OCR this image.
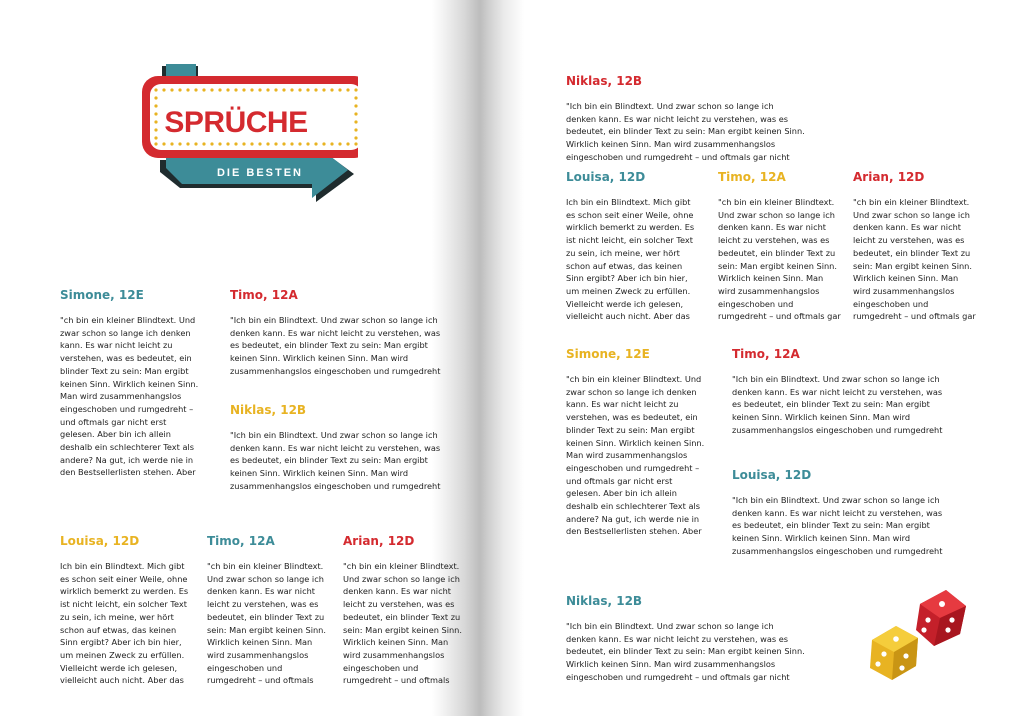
SPRÜCHE
DIE BESTEN
Simone, 12E
"ch bin ein kleiner Blindtext. Und zwar schon so lange ich denken kann. Es war nicht leicht zu verstehen, was es bedeutet, ein blinder Text zu sein: Man ergibt keinen Sinn. Wirklich keinen Sinn. Man wird zusammenhangslos eingeschoben und rumgedreht – und oftmals gar nicht erst gelesen. Aber bin ich allein deshalb ein schlechterer Text als andere? Na gut, ich werde nie in den Bestsellerlisten stehen. Aber
Timo, 12A
"Ich bin ein Blindtext. Und zwar schon so lange ich denken kann. Es war nicht leicht zu verstehen, was es bedeutet, ein blinder Text zu sein: Man ergibt keinen Sinn. Wirklich keinen Sinn. Man wird zusammenhangslos eingeschoben und rumgedreht
Niklas, 12B
"Ich bin ein Blindtext. Und zwar schon so lange ich denken kann. Es war nicht leicht zu verstehen, was es bedeutet, ein blinder Text zu sein: Man ergibt keinen Sinn. Wirklich keinen Sinn. Man wird zusammenhangslos eingeschoben und rumgedreht
Louisa, 12D
Ich bin ein Blindtext. Mich gibt es schon seit einer Weile, ohne wirklich bemerkt zu werden. Es ist nicht leicht, ein solcher Text zu sein, ich meine, wer hört schon auf etwas, das keinen Sinn ergibt? Aber ich bin hier, um meinen Zweck zu erfüllen. Vielleicht werde ich gelesen, vielleicht auch nicht. Aber das
Timo, 12A
"ch bin ein kleiner Blindtext. Und zwar schon so lange ich denken kann. Es war nicht leicht zu verstehen, was es bedeutet, ein blinder Text zu sein: Man ergibt keinen Sinn. Wirklich keinen Sinn. Man wird zusammenhangslos eingeschoben und rumgedreht – und oftmals
Arian, 12D
"ch bin ein kleiner Blindtext. Und zwar schon so lange ich denken kann. Es war nicht leicht zu verstehen, was es bedeutet, ein blinder Text zu sein: Man ergibt keinen Sinn. Wirklich keinen Sinn. Man wird zusammenhangslos eingeschoben und rumgedreht – und oftmals
Niklas, 12B
"Ich bin ein Blindtext. Und zwar schon so lange ich denken kann. Es war nicht leicht zu verstehen, was es bedeutet, ein blinder Text zu sein: Man ergibt keinen Sinn. Wirklich keinen Sinn. Man wird zusammenhangslos eingeschoben und rumgedreht – und oftmals gar nicht
Louisa, 12D
Ich bin ein Blindtext. Mich gibt es schon seit einer Weile, ohne wirklich bemerkt zu werden. Es ist nicht leicht, ein solcher Text zu sein, ich meine, wer hört schon auf etwas, das keinen Sinn ergibt? Aber ich bin hier, um meinen Zweck zu erfüllen. Vielleicht werde ich gelesen, vielleicht auch nicht. Aber das
Timo, 12A
"ch bin ein kleiner Blindtext. Und zwar schon so lange ich denken kann. Es war nicht leicht zu verstehen, was es bedeutet, ein blinder Text zu sein: Man ergibt keinen Sinn. Wirklich keinen Sinn. Man wird zusammenhangslos eingeschoben und rumgedreht – und oftmals gar
Arian, 12D
"ch bin ein kleiner Blindtext. Und zwar schon so lange ich denken kann. Es war nicht leicht zu verstehen, was es bedeutet, ein blinder Text zu sein: Man ergibt keinen Sinn. Wirklich keinen Sinn. Man wird zusammenhangslos eingeschoben und rumgedreht – und oftmals gar
Simone, 12E
"ch bin ein kleiner Blindtext. Und zwar schon so lange ich denken kann. Es war nicht leicht zu verstehen, was es bedeutet, ein blinder Text zu sein: Man ergibt keinen Sinn. Wirklich keinen Sinn. Man wird zusammenhangslos eingeschoben und rumgedreht – und oftmals gar nicht erst gelesen. Aber bin ich allein deshalb ein schlechterer Text als andere? Na gut, ich werde nie in den Bestsellerlisten stehen. Aber
Timo, 12A
"Ich bin ein Blindtext. Und zwar schon so lange ich denken kann. Es war nicht leicht zu verstehen, was es bedeutet, ein blinder Text zu sein: Man ergibt keinen Sinn. Wirklich keinen Sinn. Man wird zusammenhangslos eingeschoben und rumgedreht
Louisa, 12D
"Ich bin ein Blindtext. Und zwar schon so lange ich denken kann. Es war nicht leicht zu verstehen, was es bedeutet, ein blinder Text zu sein: Man ergibt keinen Sinn. Wirklich keinen Sinn. Man wird zusammenhangslos eingeschoben und rumgedreht
Niklas, 12B
"Ich bin ein Blindtext. Und zwar schon so lange ich denken kann. Es war nicht leicht zu verstehen, was es bedeutet, ein blinder Text zu sein: Man ergibt keinen Sinn. Wirklich keinen Sinn. Man wird zusammenhangslos eingeschoben und rumgedreht – und oftmals gar nicht
